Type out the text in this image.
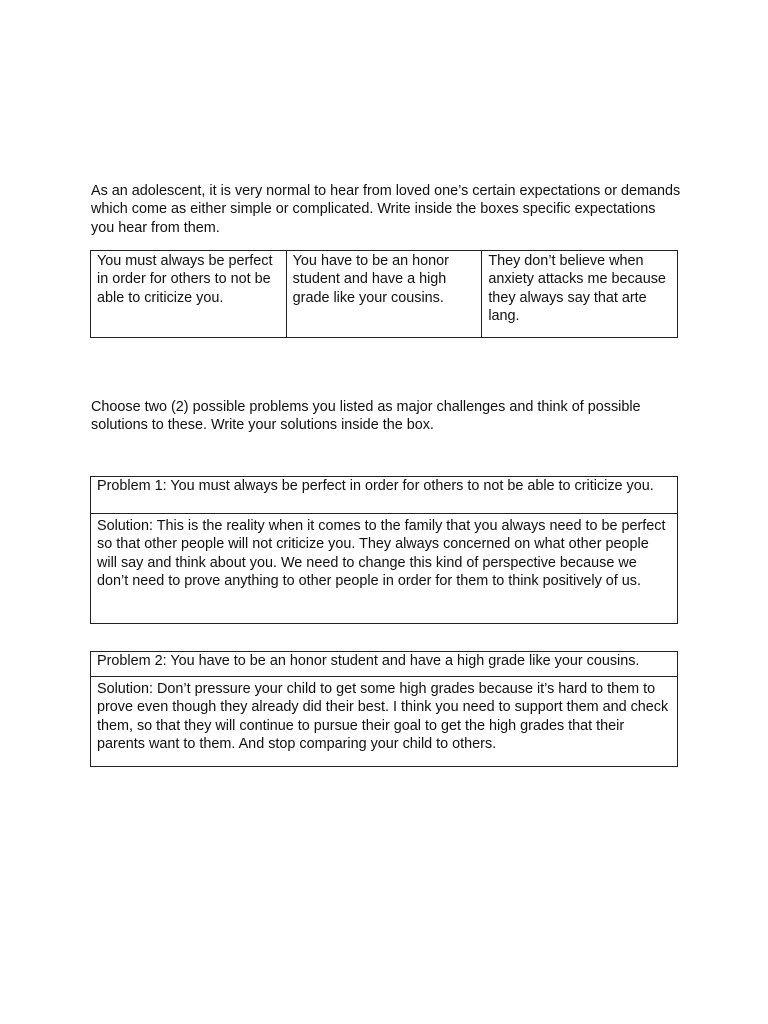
As an adolescent, it is very normal to hear from loved one’s certain expectations or demands which come as either simple or complicated. Write inside the boxes specific expectations you hear from them.

You must always be perfect in order for others to not be able to criticize you.	You have to be an honor student and have a high grade like your cousins.	They don’t believe when anxiety attacks me because they always say that arte lang.

Choose two (2) possible problems you listed as major challenges and think of possible solutions to these. Write your solutions inside the box.

Problem 1: You must always be perfect in order for others to not be able to criticize you.
Solution: This is the reality when it comes to the family that you always need to be perfect so that other people will not criticize you. They always concerned on what other people will say and think about you. We need to change this kind of perspective because we don’t need to prove anything to other people in order for them to think positively of us.
Problem 2: You have to be an honor student and have a high grade like your cousins.
Solution: Don’t pressure your child to get some high grades because it’s hard to them to prove even though they already did their best. I think you need to support them and check them, so that they will continue to pursue their goal to get the high grades that their parents want to them. And stop comparing your child to others.
